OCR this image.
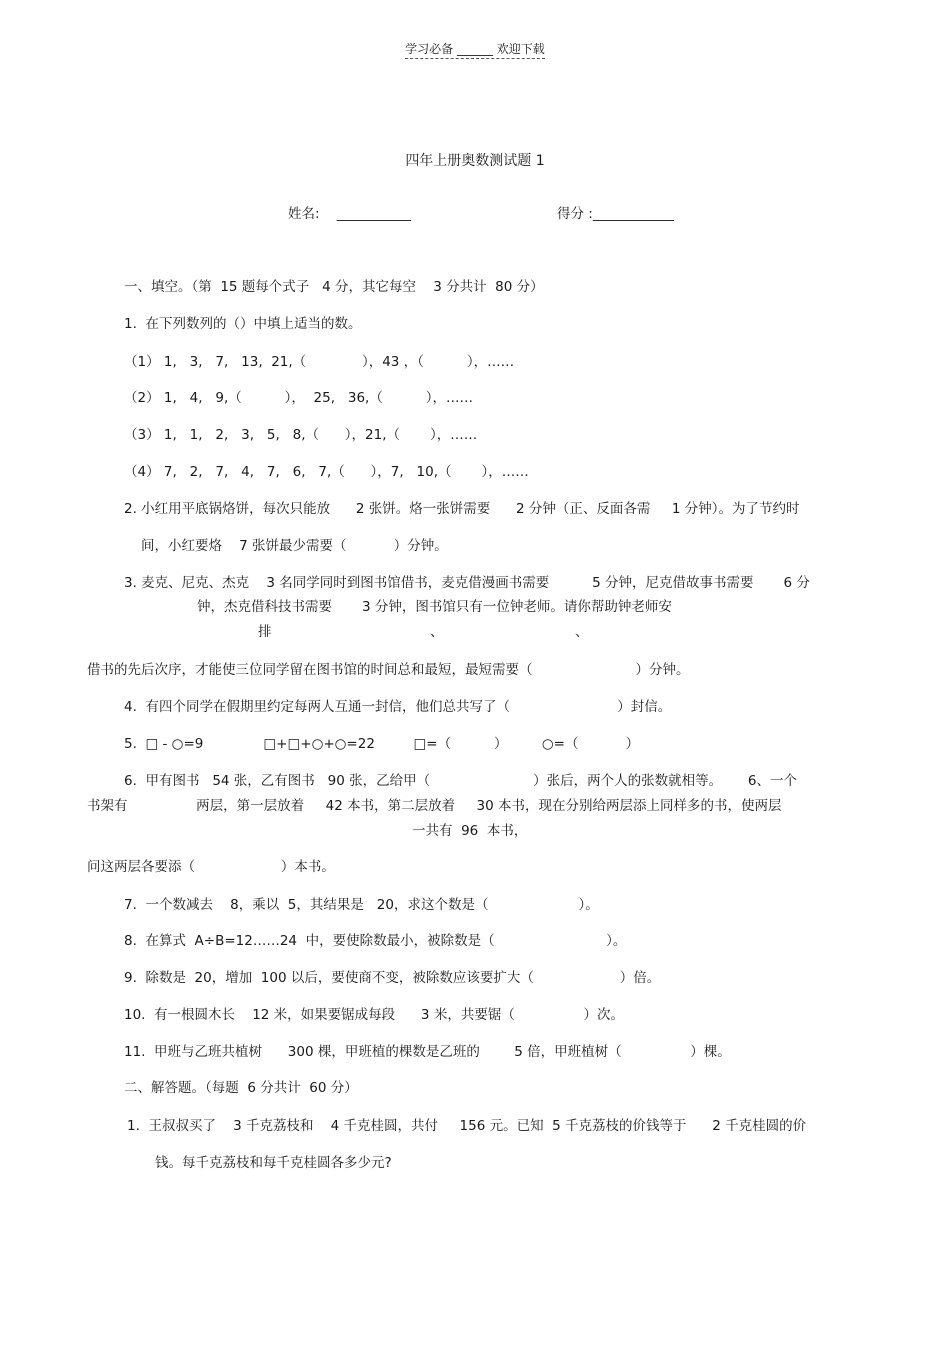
学习必备 ______ 欢迎下载
四年上册奥数测试题 1
姓名:    ___________	得分 :____________
一、填空。（第  15 题每个式子   4 分，其它每空    3 分共计  80 分）
1.  在下列数列的（）中填上适当的数。
（1） 1,   3,   7,   13,  21,（             ），43 ，（          ），……
（2） 1,   4,   9,（          ），  25,   36,（          ），……
（3） 1,   1,   2,   3,   5,   8,（      ），21,（       ），……
（4） 7,   2,   7,   4,   7,   6,   7,（      ），7,   10,（       ），……
2. 小红用平底锅烙饼，每次只能放      2 张饼。烙一张饼需要      2 分钟（正、反面各需     1 分钟）。为了节约时
间，小红要烙    7 张饼最少需要（           ）分钟。
3. 麦克、尼克、杰克    3 名同学同时到图书馆借书，麦克借漫画书需要          5 分钟，尼克借故事书需要       6 分
钟，杰克借科技书需要       3 分钟，图书馆只有一位钟老师。请你帮助钟老师安
排	、	、
借书的先后次序，才能使三位同学留在图书馆的时间总和最短，最短需要（                        ）分钟。
4.  有四个同学在假期里约定每两人互通一封信，他们总共写了（                         ）封信。
5.  □ - ○=9              □+□+○+○=22         □=（          ）        ○=（           ）
6.  甲有图书   54 张，乙有图书   90 张，乙给甲（                        ）张后，两个人的张数就相等。      6、一个
书架有                两层，第一层放着     42 本书，第二层放着     30 本书，现在分别给两层添上同样多的书，使两层
一共有  96  本书，
问这两层各要添（                    ）本书。
7.  一个数减去    8，乘以  5，其结果是   20，求这个数是（                     ）。
8.  在算式  A÷B=12……24  中，要使除数最小，被除数是（                          ）。
9.  除数是  20，增加  100 以后，要使商不变，被除数应该要扩大（                    ）倍。
10.  有一根圆木长    12 米，如果要锯成每段      3 米，共要锯（                ）次。
11.  甲班与乙班共植树      300 棵，甲班植的棵数是乙班的        5 倍，甲班植树（                ）棵。
二、解答题。（每题  6 分共计  60 分）
1.  王叔叔买了    3 千克荔枝和    4 千克桂圆，共付     156 元。已知  5 千克荔枝的价钱等于      2 千克桂圆的价
钱。每千克荔枝和每千克桂圆各多少元?
